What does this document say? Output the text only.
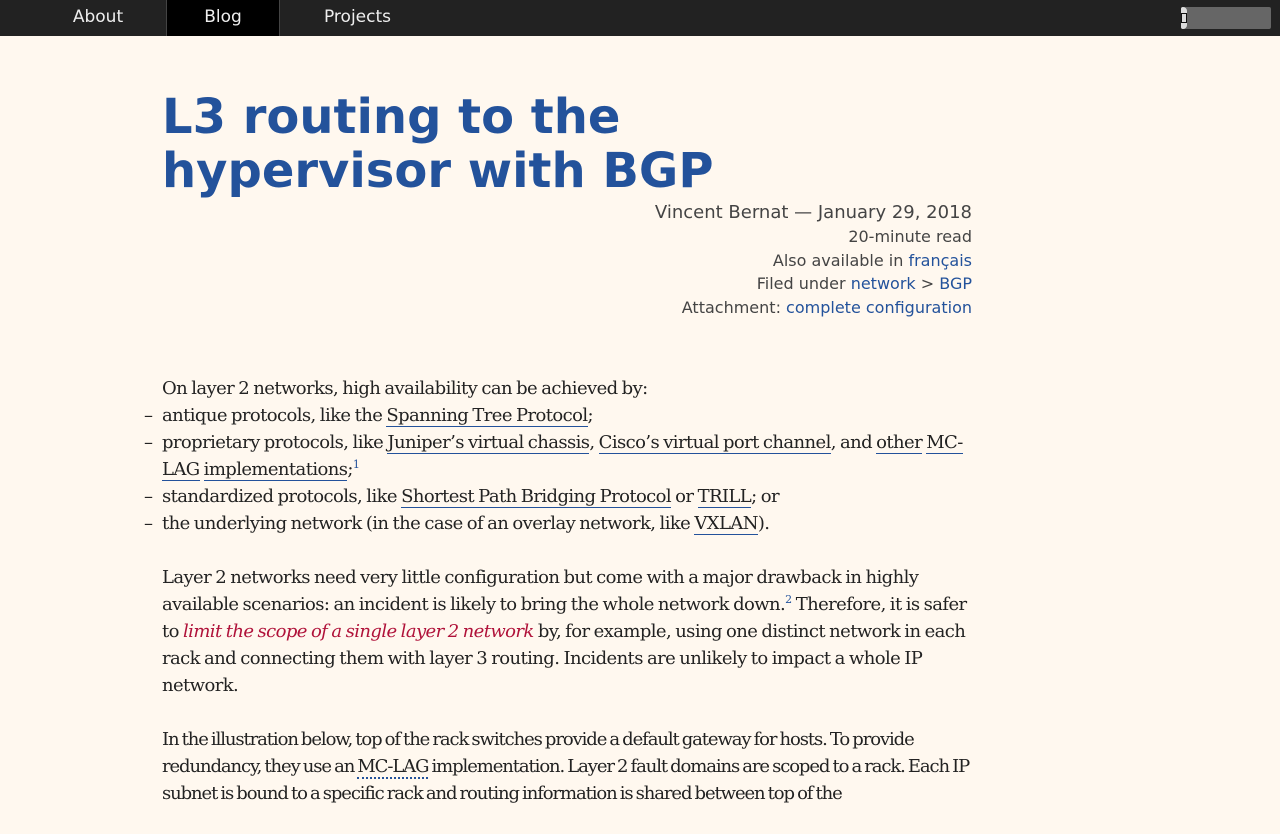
About	Blog	Projects
L3 routing to the hypervisor with BGP
Vincent Bernat — January 29, 2018
20-minute read
Also available in français
Filed under network > BGP
Attachment: complete configuration

On layer 2 networks, high availability can be achieved by:

– antique protocols, like the Spanning Tree Protocol;
– proprietary protocols, like Juniper’s virtual chassis, Cisco’s virtual port channel, and other MC-LAG implementations;$^1$
– standardized protocols, like Shortest Path Bridging Protocol or TRILL; or
– the underlying network (in the case of an overlay network, like VXLAN).

Layer 2 networks need very little configuration but come with a major drawback in highly available scenarios: an incident is likely to bring the whole network down.$^2$ Therefore, it is safer to limit the scope of a single layer 2 network by, for example, using one distinct network in each rack and connecting them with layer 3 routing. Incidents are unlikely to impact a whole IP network.

In the illustration below, top of the rack switches provide a default gateway for hosts. To provide redundancy, they use an MC-LAG implementation. Layer 2 fault domains are scoped to a rack. Each IP subnet is bound to a specific rack and routing information is shared between top of the
